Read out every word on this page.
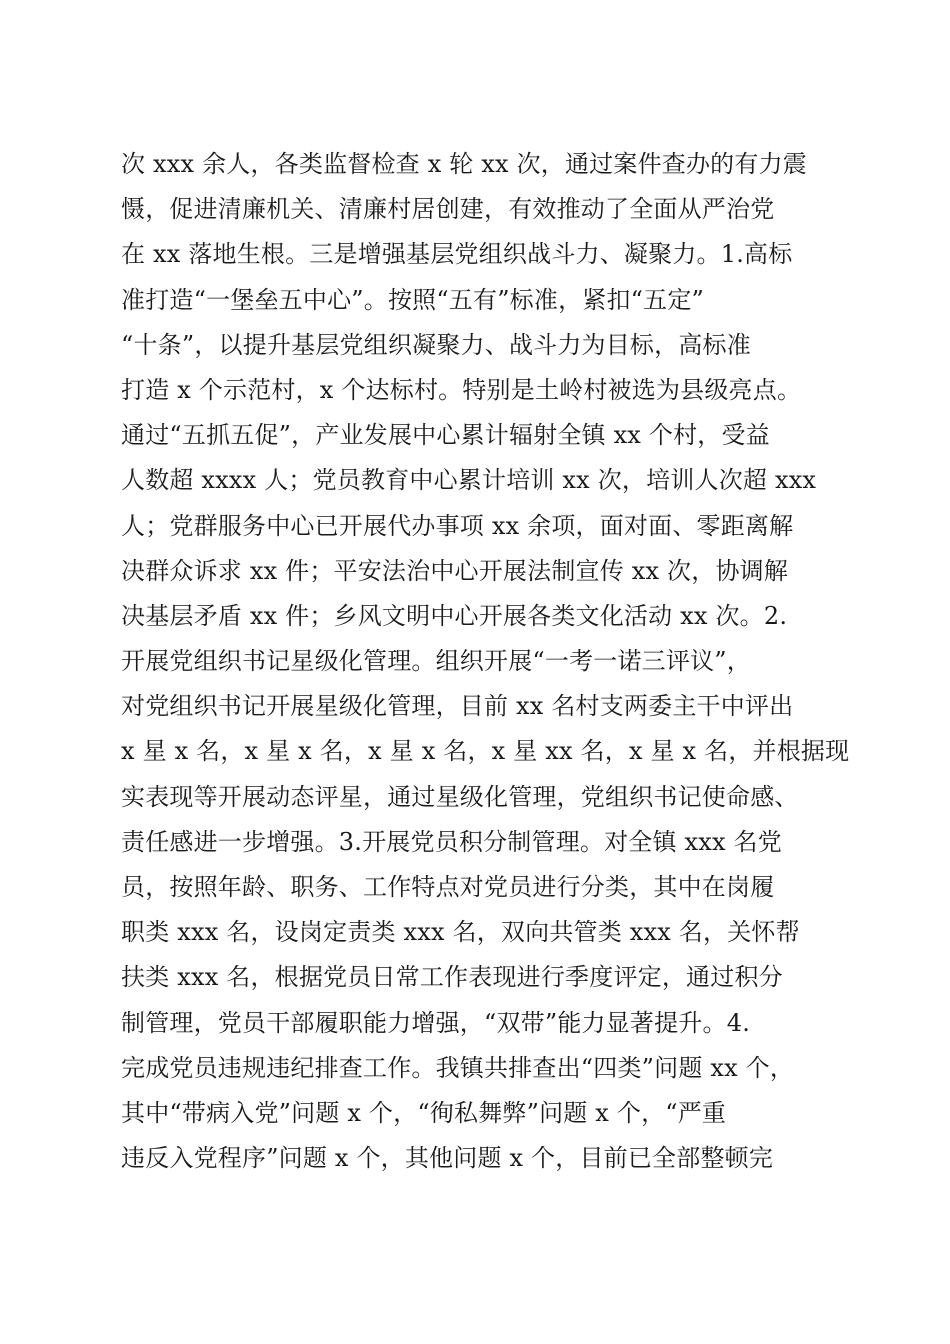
次 xxx 余人，各类监督检查 x 轮 xx 次，通过案件查办的有力震
慑，促进清廉机关、清廉村居创建，有效推动了全面从严治党
在 xx 落地生根。三是增强基层党组织战斗力、凝聚力。1.高标
准打造“一堡垒五中心”。按照“五有”标准，紧扣“五定”
“十条”，以提升基层党组织凝聚力、战斗力为目标，高标准
打造 x 个示范村，x 个达标村。特别是土岭村被选为县级亮点。
通过“五抓五促”，产业发展中心累计辐射全镇 xx 个村，受益
人数超 xxxx 人；党员教育中心累计培训 xx 次，培训人次超 xxx
人；党群服务中心已开展代办事项 xx 余项，面对面、零距离解
决群众诉求 xx 件；平安法治中心开展法制宣传 xx 次，协调解
决基层矛盾 xx 件；乡风文明中心开展各类文化活动 xx 次。2.
开展党组织书记星级化管理。组织开展“一考一诺三评议”，
对党组织书记开展星级化管理，目前 xx 名村支两委主干中评出
x 星 x 名，x 星 x 名，x 星 x 名，x 星 xx 名，x 星 x 名，并根据现
实表现等开展动态评星，通过星级化管理，党组织书记使命感、
责任感进一步增强。3.开展党员积分制管理。对全镇 xxx 名党
员，按照年龄、职务、工作特点对党员进行分类，其中在岗履
职类 xxx 名，设岗定责类 xxx 名，双向共管类 xxx 名，关怀帮
扶类 xxx 名，根据党员日常工作表现进行季度评定，通过积分
制管理，党员干部履职能力增强，“双带”能力显著提升。4.
完成党员违规违纪排查工作。我镇共排查出“四类”问题 xx 个，
其中“带病入党”问题 x 个，“徇私舞弊”问题 x 个，“严重
违反入党程序”问题 x 个，其他问题 x 个，目前已全部整顿完
